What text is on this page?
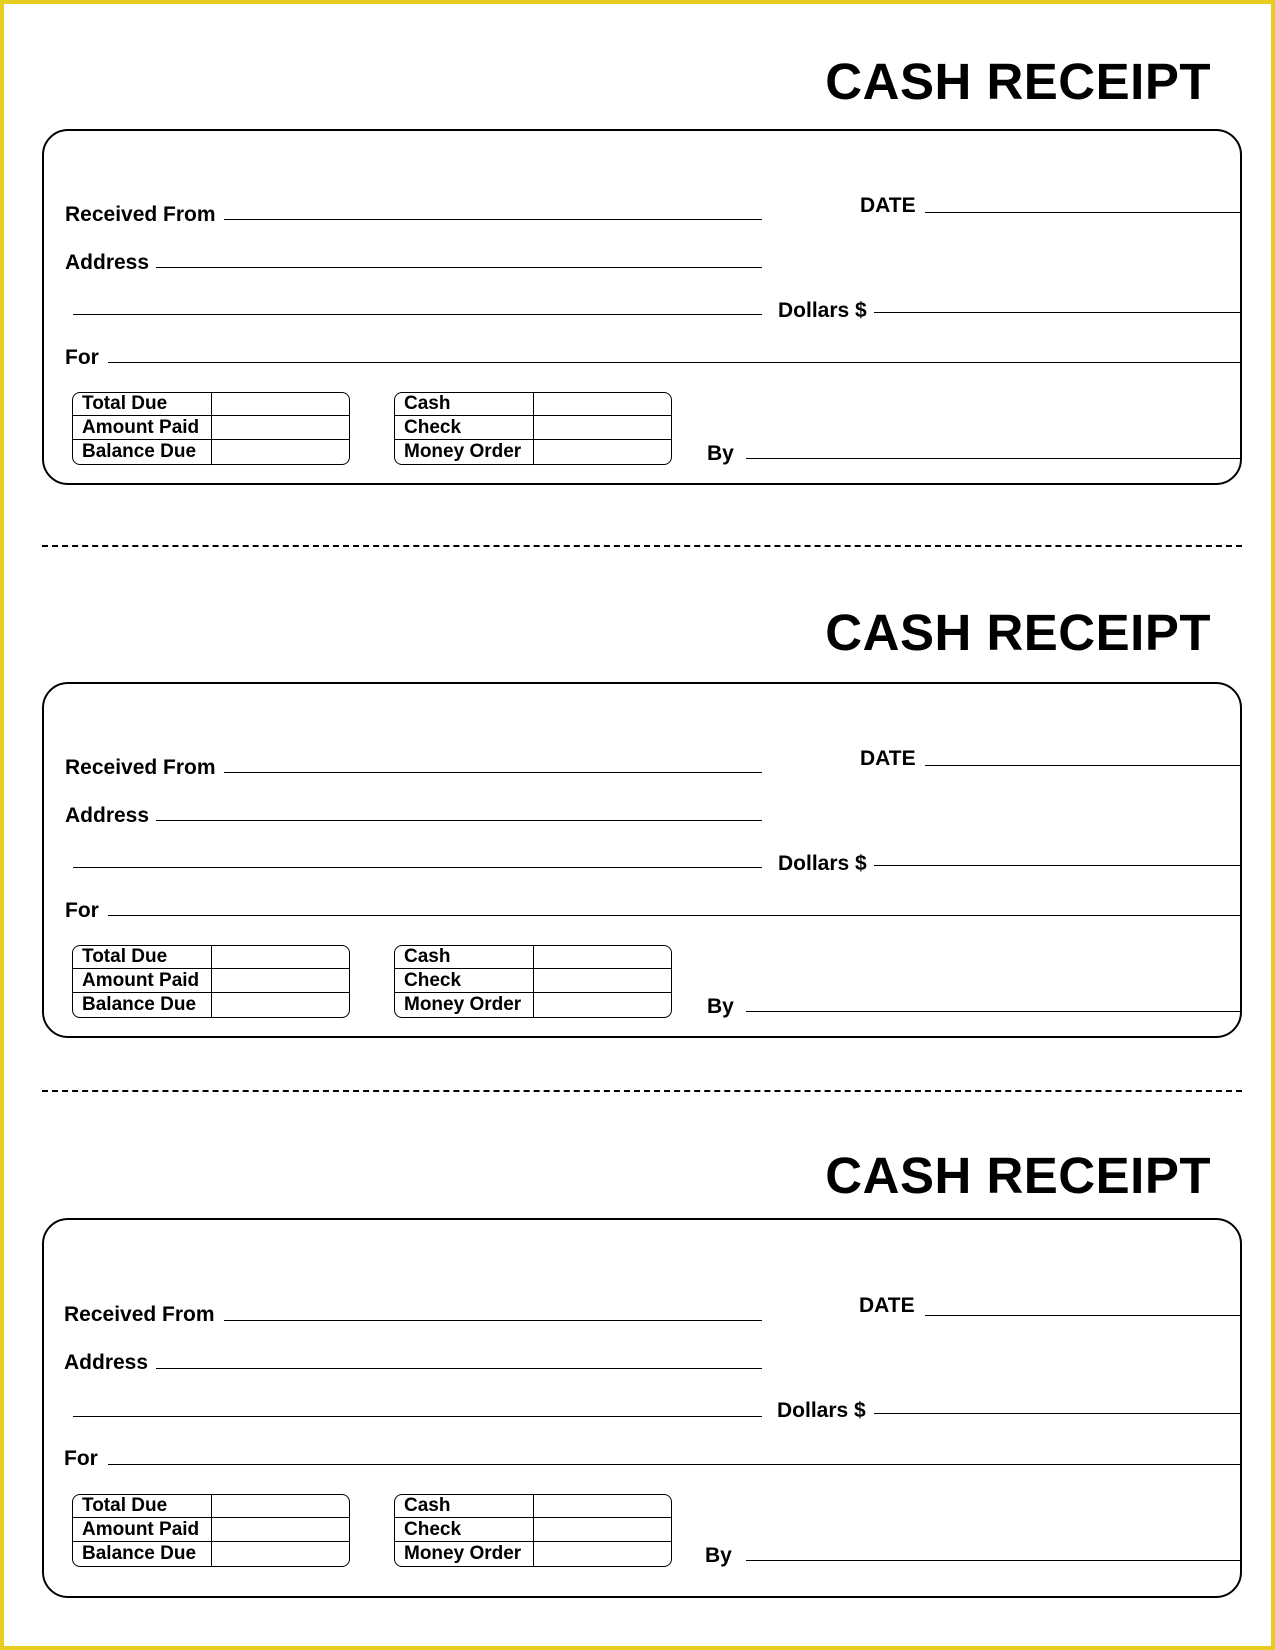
CASH RECEIPT
Received From
Address
For
DATE
Dollars $
By
Total Due
Amount Paid
Balance Due
Cash
Check
Money Order
CASH RECEIPT
Received From
Address
For
DATE
Dollars $
By
Total Due
Amount Paid
Balance Due
Cash
Check
Money Order
CASH RECEIPT
Received From
Address
For
DATE
Dollars $
By
Total Due
Amount Paid
Balance Due
Cash
Check
Money Order
